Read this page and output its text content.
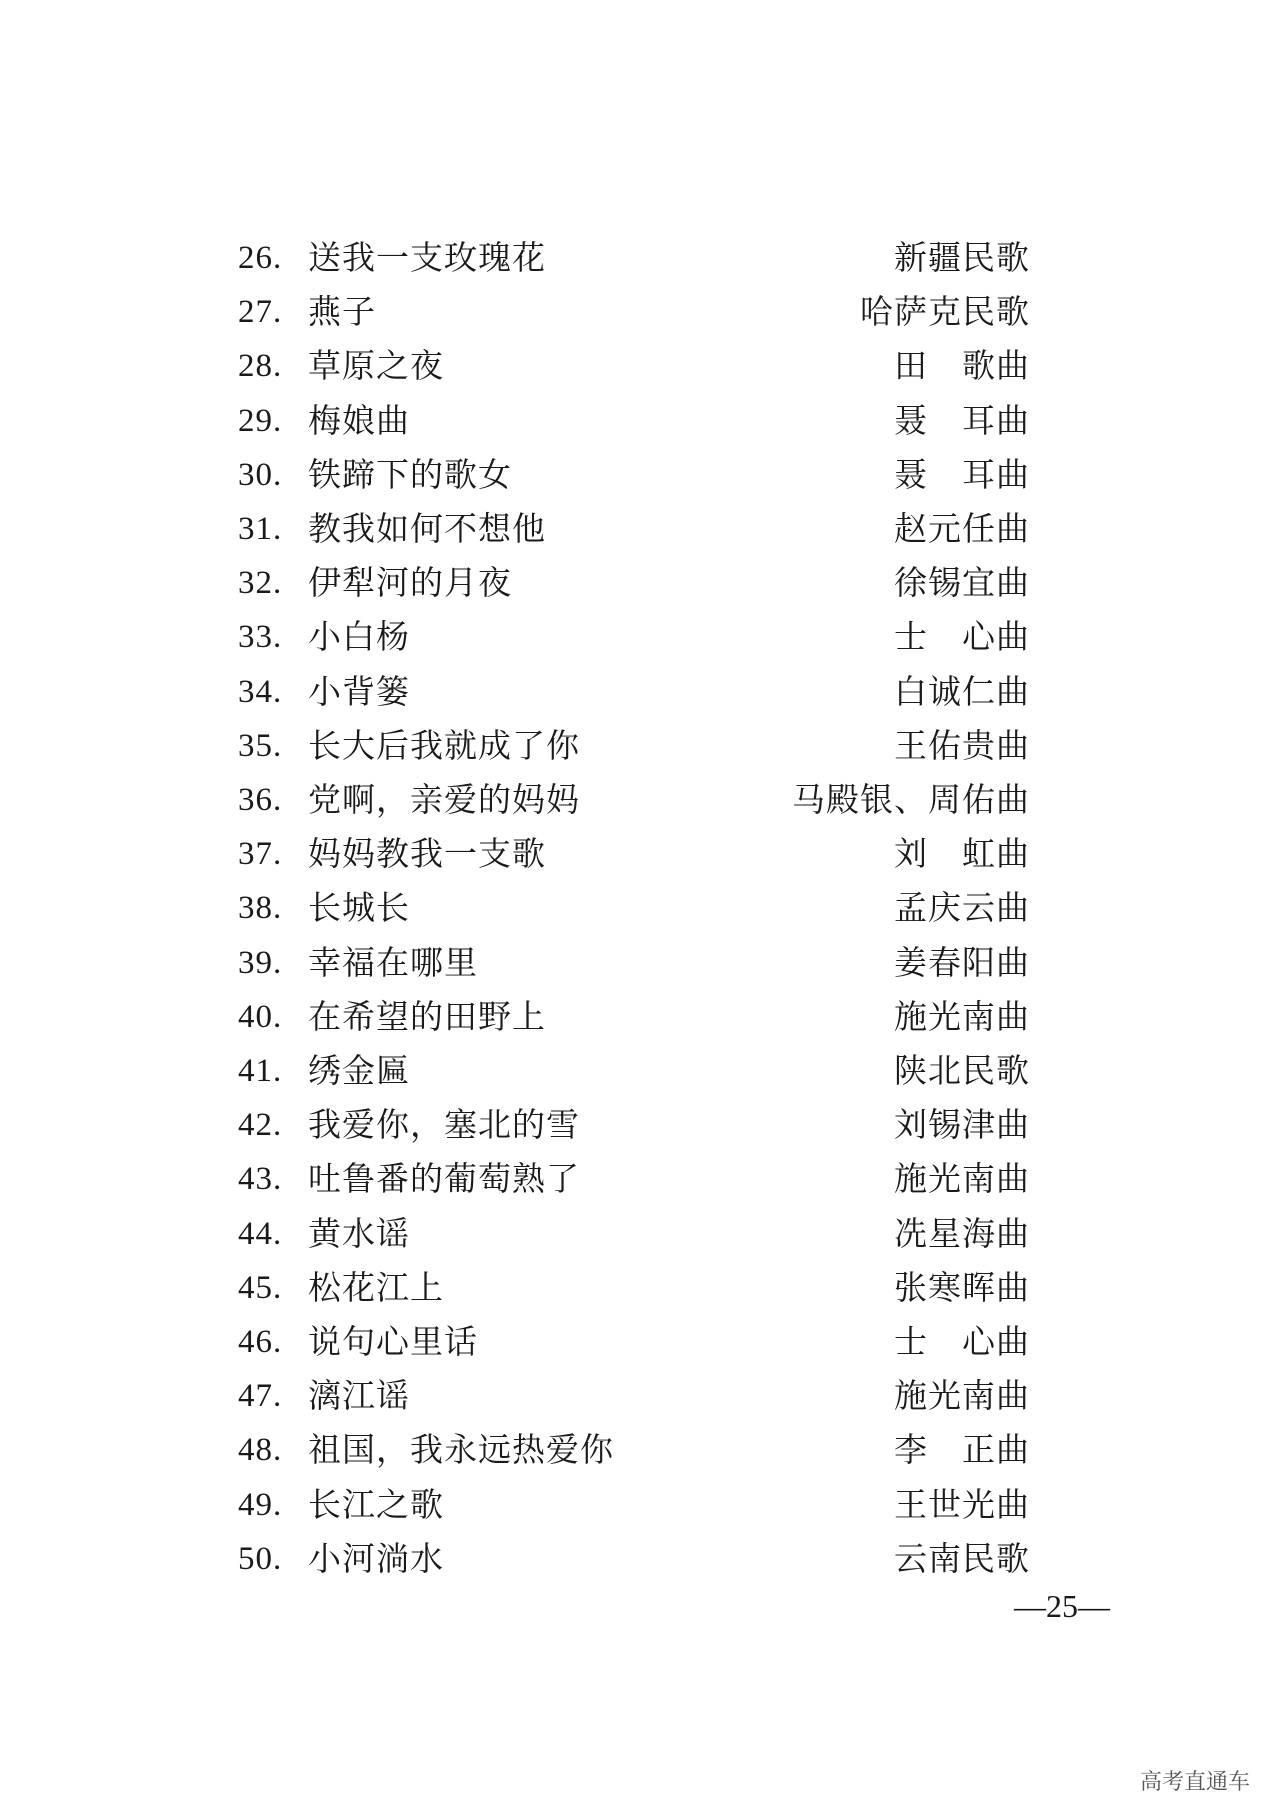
26. 送我一支玫瑰花	新疆民歌
27. 燕子	哈萨克民歌
28. 草原之夜	田　歌曲
29. 梅娘曲	聂　耳曲
30. 铁蹄下的歌女	聂　耳曲
31. 教我如何不想他	赵元任曲
32. 伊犁河的月夜	徐锡宜曲
33. 小白杨	士　心曲
34. 小背篓	白诚仁曲
35. 长大后我就成了你	王佑贵曲
36. 党啊，亲爱的妈妈	马殿银、周佑曲
37. 妈妈教我一支歌	刘　虹曲
38. 长城长	孟庆云曲
39. 幸福在哪里	姜春阳曲
40. 在希望的田野上	施光南曲
41. 绣金匾	陕北民歌
42. 我爱你，塞北的雪	刘锡津曲
43. 吐鲁番的葡萄熟了	施光南曲
44. 黄水谣	冼星海曲
45. 松花江上	张寒晖曲
46. 说句心里话	士　心曲
47. 漓江谣	施光南曲
48. 祖国，我永远热爱你	李　正曲
49. 长江之歌	王世光曲
50. 小河淌水	云南民歌
—25—
高考直通车
